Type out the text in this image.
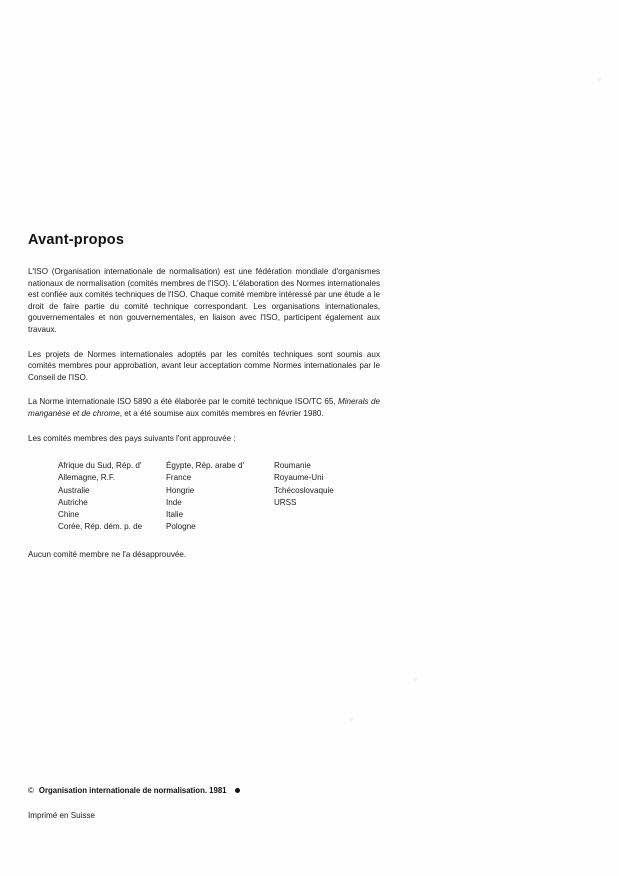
Avant-propos

L'ISO (Organisation internationale de normalisation) est une fédération mondiale d'organismes nationaux de normalisation (comités membres de l'ISO). L'élaboration des Normes internationales est confiée aux comités techniques de l'ISO. Chaque comité membre intéressé par une étude a le droit de faire partie du comité technique correspondant. Les organisations internationales, gouvernementales et non gouvernementales, en liaison avec l'ISO, participent également aux travaux.

Les projets de Normes internationales adoptés par les comités techniques sont soumis aux comités membres pour approbation, avant leur acceptation comme Normes internationales par le Conseil de l'ISO.

La Norme internationale ISO 5890 a été élaborée par le comité technique ISO/TC 65, Minerals de manganèse et de chrome, et a été soumise aux comités membres en février 1980.

Les comités membres des pays suivants l'ont approuvée :

Afrique du Sud, Rép. d'
Allemagne, R.F.
Australie
Autriche
Chine
Corée, Rép. dém. p. de
Égypte, Rép. arabe d'
France
Hongrie
Inde
Italie
Pologne
Roumanie
Royaume-Uni
Tchécoslovaquie
URSS

Aucun comité membre ne l'a désapprouvée.

© Organisation internationale de normalisation. 1981
Imprimé en Suisse
